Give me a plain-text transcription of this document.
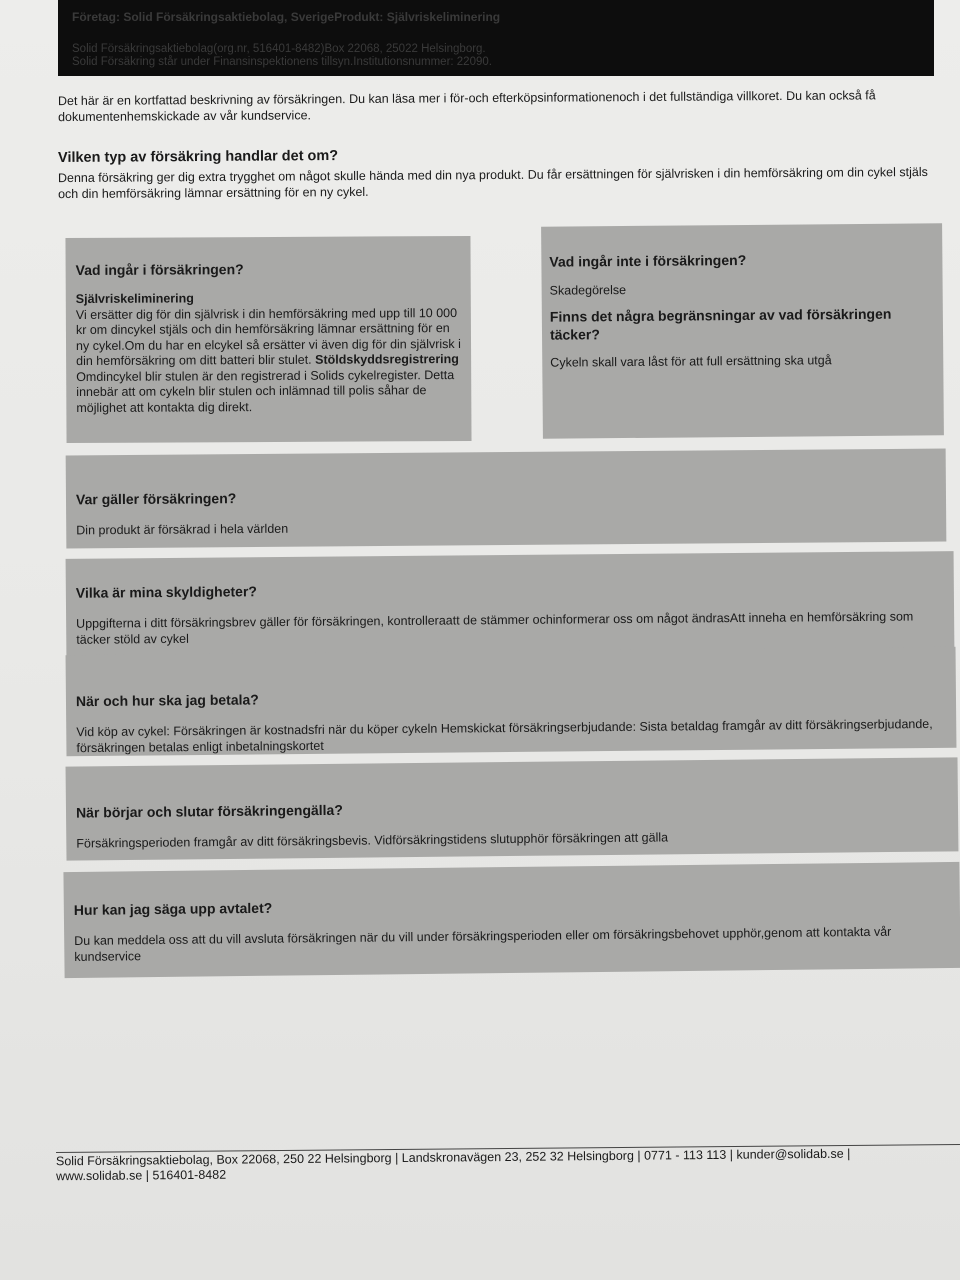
Företag: Solid Försäkringsaktiebolag, SverigeProdukt: Självriskeliminering
Solid Försäkringsaktiebolag(org.nr, 516401-8482)Box 22068, 25022 Helsingborg.
Solid Försäkring står under Finansinspektionens tillsyn.Institutionsnummer: 22090.
Det här är en kortfattad beskrivning av försäkringen. Du kan läsa mer i för-och efterköpsinformationenoch i det fullständiga villkoret. Du kan också få dokumentenhemskickade av vår kundservice.
Vilken typ av försäkring handlar det om?
Denna försäkring ger dig extra trygghet om något skulle hända med din nya produkt. Du får ersättningen för självrisken i din hemförsäkring om din cykel stjäls och din hemförsäkring lämnar ersättning för en ny cykel.
Vad ingår i försäkringen?
Självriskeliminering
Vi ersätter dig för din självrisk i din hemförsäkring med upp till 10 000 kr om dincykel stjäls och din hemförsäkring lämnar ersättning för en ny cykel.Om du har en elcykel så ersätter vi även dig för din självrisk i din hemförsäkring om ditt batteri blir stulet. Stöldskyddsregistrering
Omdincykel blir stulen är den registrerad i Solids cykelregister. Detta innebär att om cykeln blir stulen och inlämnad till polis såhar de möjlighet att kontakta dig direkt.
Vad ingår inte i försäkringen?
Skadegörelse
Finns det några begränsningar av vad försäkringen täcker?
Cykeln skall vara låst för att full ersättning ska utgå
Var gäller försäkringen?
Din produkt är försäkrad i hela världen
Vilka är mina skyldigheter?
Uppgifterna i ditt försäkringsbrev gäller för försäkringen, kontrolleraatt de stämmer ochinformerar oss om något ändrasAtt inneha en hemförsäkring som täcker stöld av cykel
När och hur ska jag betala?
Vid köp av cykel: Försäkringen är kostnadsfri när du köper cykeln Hemskickat försäkringserbjudande: Sista betaldag framgår av ditt försäkringserbjudande, försäkringen betalas enligt inbetalningskortet
När börjar och slutar försäkringengälla?
Försäkringsperioden framgår av ditt försäkringsbevis. Vidförsäkringstidens slutupphör försäkringen att gälla
Hur kan jag säga upp avtalet?
Du kan meddela oss att du vill avsluta försäkringen när du vill under försäkringsperioden eller om försäkringsbehovet upphör,genom att kontakta vår kundservice
Solid Försäkringsaktiebolag, Box 22068, 250 22 Helsingborg | Landskronavägen 23, 252 32 Helsingborg | 0771 - 113 113 | kunder@solidab.se |
www.solidab.se | 516401-8482
